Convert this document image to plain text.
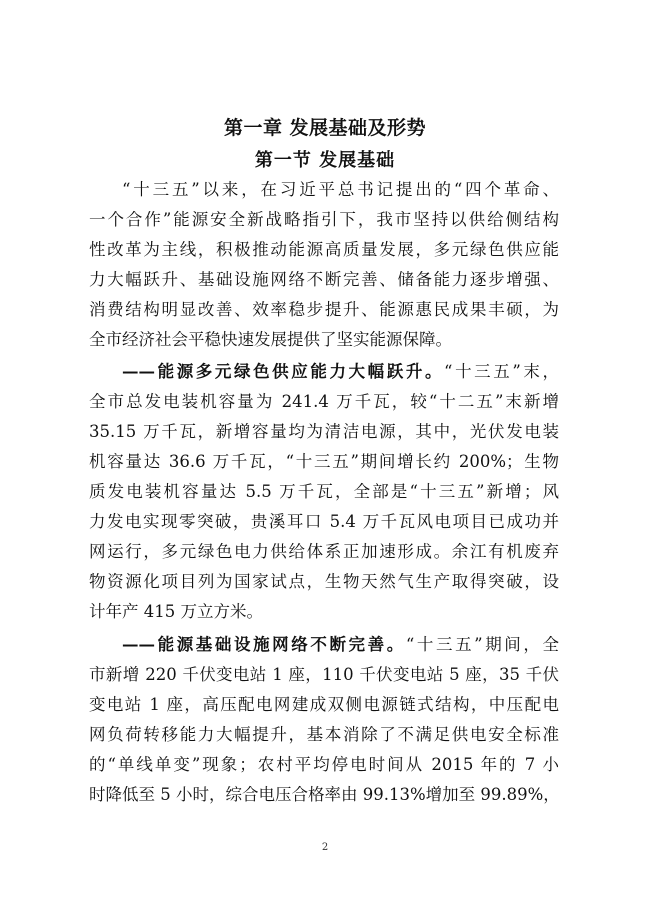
第一章 发展基础及形势
第一节 发展基础
“十三五”以来，在习近平总书记提出的“四个革命、
一个合作”能源安全新战略指引下，我市坚持以供给侧结构
性改革为主线，积极推动能源高质量发展，多元绿色供应能
力大幅跃升、基础设施网络不断完善、储备能力逐步增强、
消费结构明显改善、效率稳步提升、能源惠民成果丰硕，为
全市经济社会平稳快速发展提供了坚实能源保障。
——能源多元绿色供应能力大幅跃升。“十三五”末，
全市总发电装机容量为 241.4 万千瓦，较“十二五”末新增
35.15 万千瓦，新增容量均为清洁电源，其中，光伏发电装
机容量达 36.6 万千瓦，“十三五”期间增长约 200%；生物
质发电装机容量达 5.5 万千瓦，全部是“十三五”新增；风
力发电实现零突破，贵溪耳口 5.4 万千瓦风电项目已成功并
网运行，多元绿色电力供给体系正加速形成。余江有机废弃
物资源化项目列为国家试点，生物天然气生产取得突破，设
计年产 415 万立方米。
——能源基础设施网络不断完善。“十三五”期间，全
市新增 220 千伏变电站 1 座，110 千伏变电站 5 座，35 千伏
变电站 1 座，高压配电网建成双侧电源链式结构，中压配电
网负荷转移能力大幅提升，基本消除了不满足供电安全标准
的“单线单变”现象；农村平均停电时间从 2015 年的 7 小
时降低至 5 小时，综合电压合格率由 99.13%增加至 99.89%，
2
